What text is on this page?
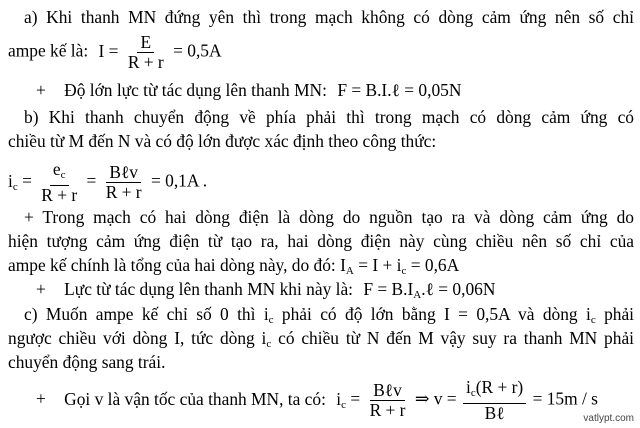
a) Khi thanh MN đứng yên thì trong mạch không có dòng cảm ứng nên số chỉ
ampe kế là: $I = \frac{E}{R + r} = 0,5A$
+ Độ lớn lực từ tác dụng lên thanh MN: F = B.I.ℓ = 0,05N
b) Khi thanh chuyển động về phía phải thì trong mạch có dòng cảm ứng có
chiều từ M đến N và có độ lớn được xác định theo công thức:
$i_c = \frac{e_c}{R + r} = \frac{\text{Bℓv}}{R + r} = 0,1A$ .
+ Trong mạch có hai dòng điện là dòng do nguồn tạo ra và dòng cảm ứng do
hiện tượng cảm ứng điện từ tạo ra, hai dòng điện này cùng chiều nên số chỉ của
ampe kế chính là tổng của hai dòng này, do đó: $I_A = I + i_c = 0,6A$
+ Lực từ tác dụng lên thanh MN khi này là: $F = B.I_A.\ell = 0,06N$
c) Muốn ampe kế chỉ số 0 thì $i_c$ phải có độ lớn bằng I = 0,5A và dòng $i_c$ phải
ngược chiều với dòng I, tức dòng $i_c$ có chiều từ N đến M vậy suy ra thanh MN phải
chuyển động sang trái.
+ Gọi v là vận tốc của thanh MN, ta có: $i_c = \frac{\text{Bℓv}}{R + r}$ ⇒ $v = \frac{i_c(R + r)}{\text{Bℓ}} = 15m / s$
vatlypt.com
